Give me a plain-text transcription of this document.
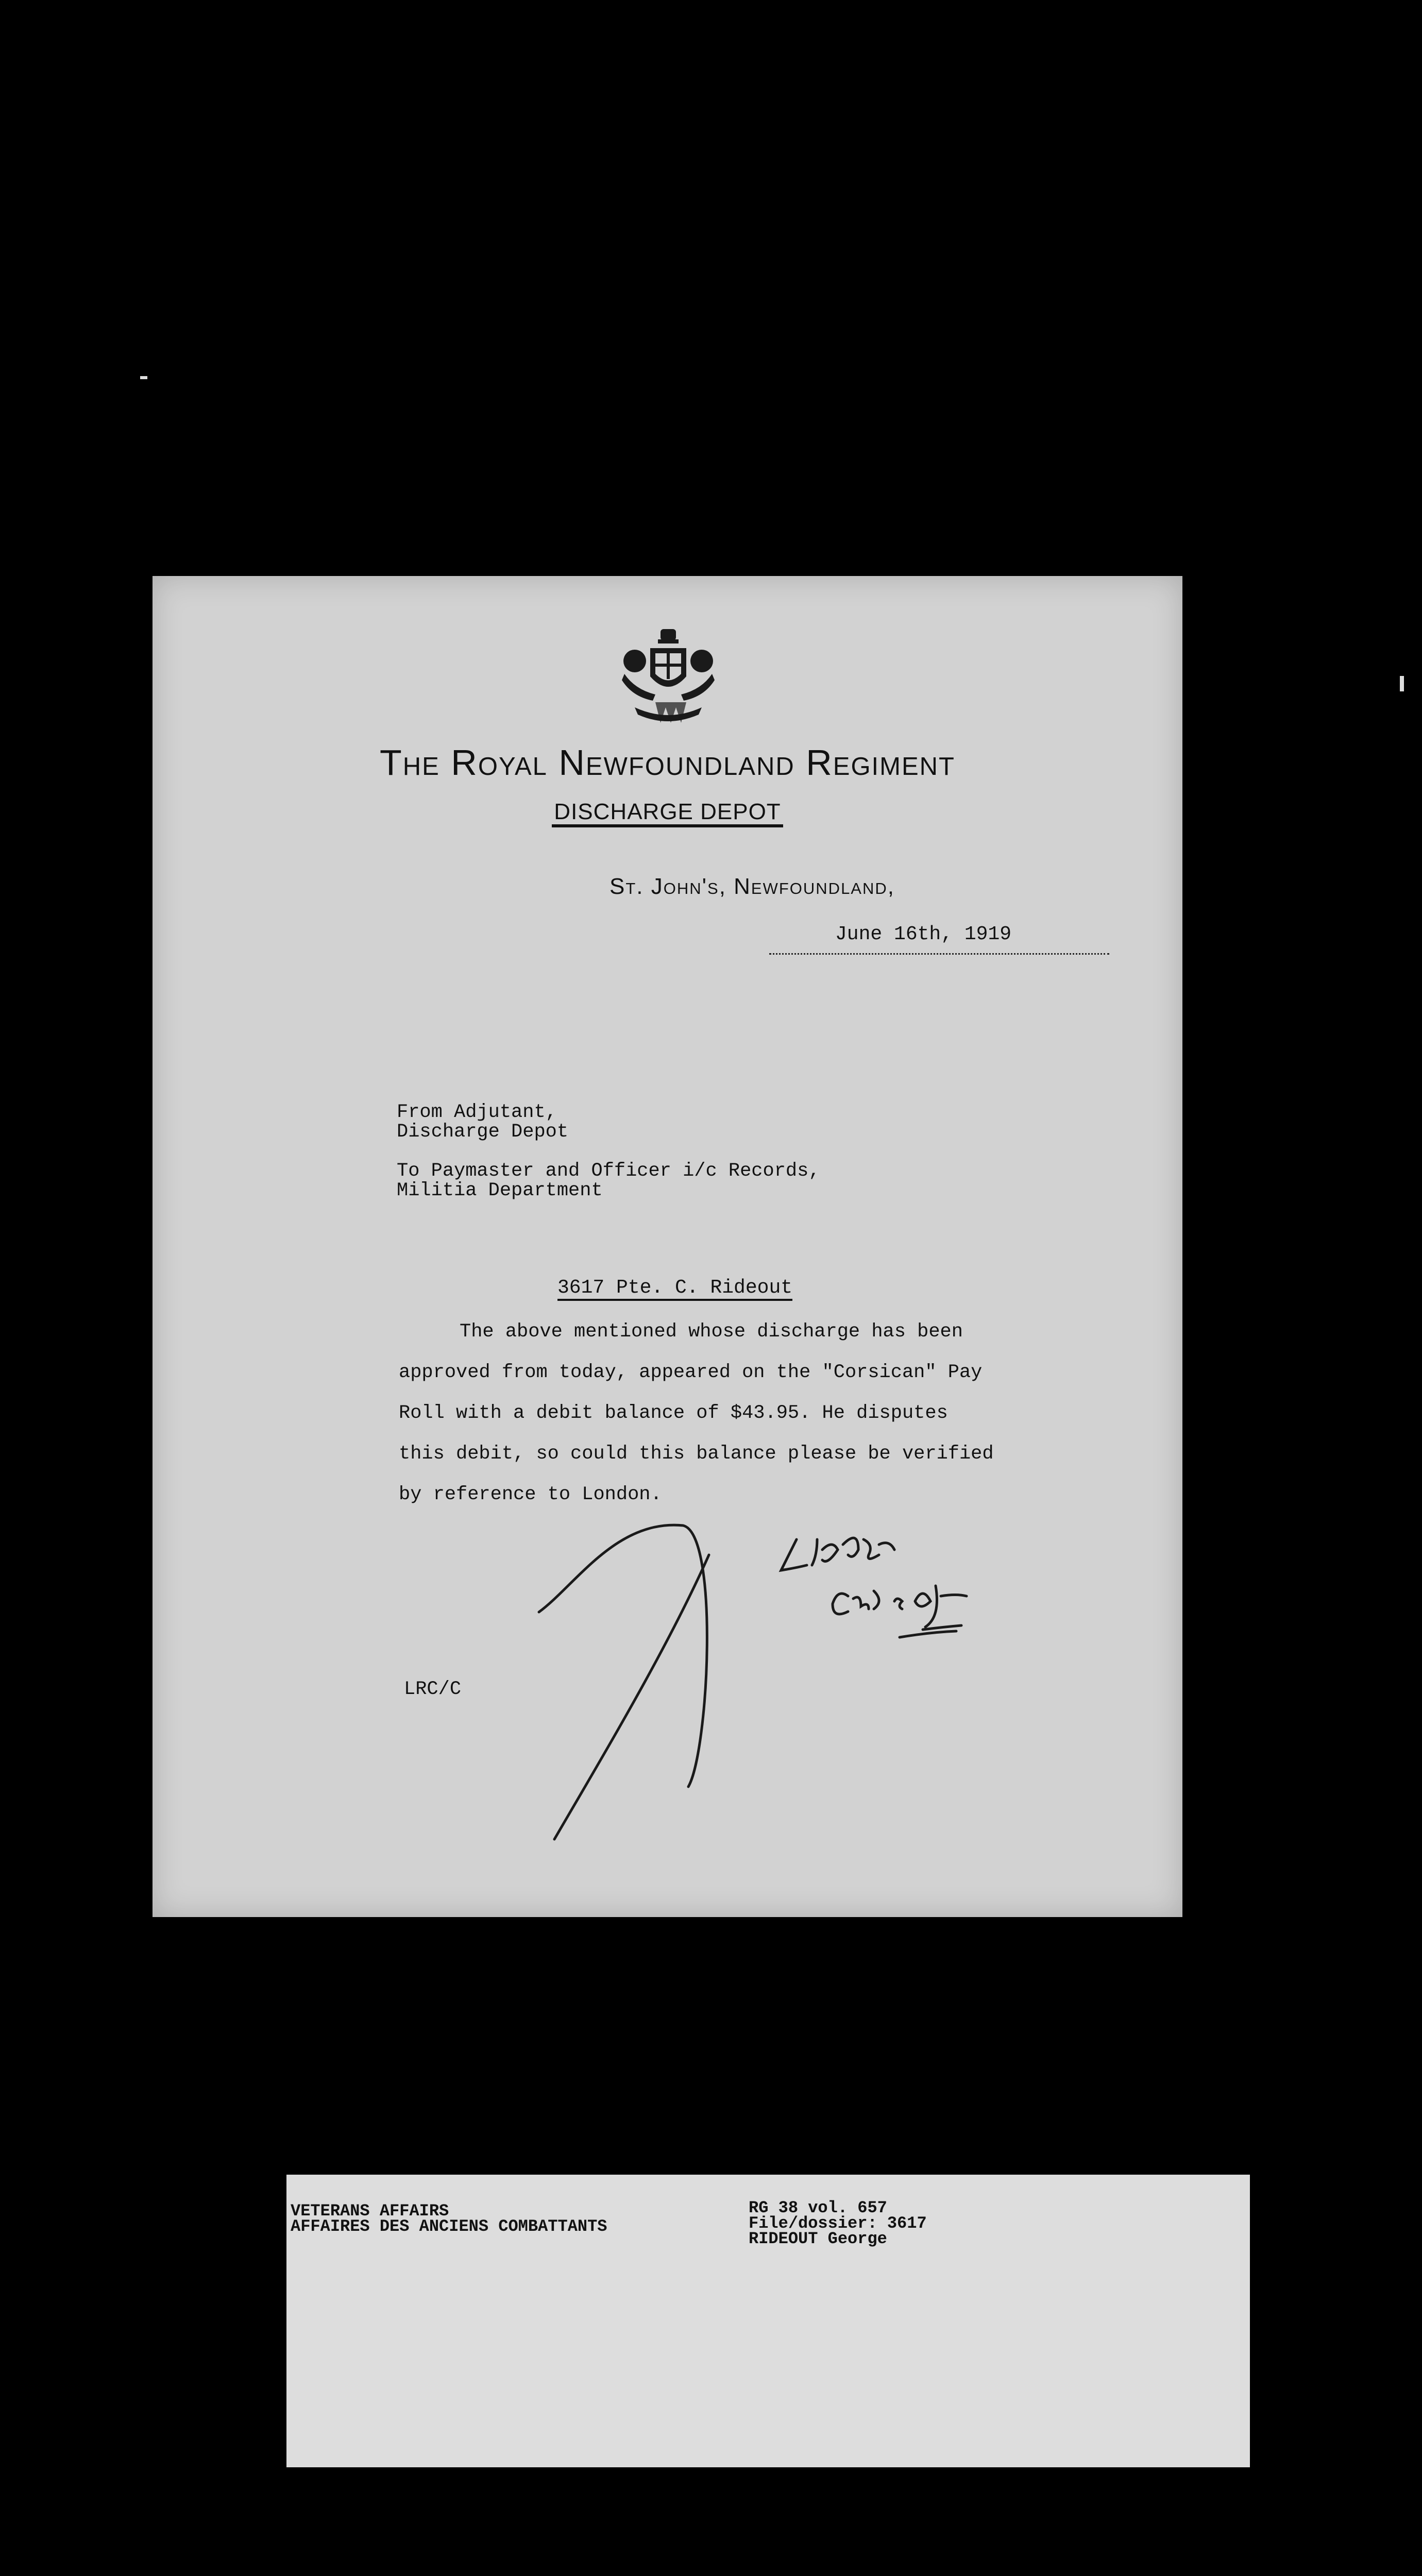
The Royal Newfoundland Regiment
DISCHARGE DEPOT
St. John's, Newfoundland,
June 16th, 1919
From Adjutant,
Discharge Depot
To Paymaster and Officer i/c Records,
Militia Department
3617 Pte. C. Rideout

The above mentioned whose discharge has been

approved from today, appeared on the "Corsican" Pay

Roll with a debit balance of $43.95. He disputes

this debit, so could this balance please be verified

by reference to London.

LRC/C
VETERANS AFFAIRS
AFFAIRES DES ANCIENS COMBATTANTS
RG 38 vol. 657
File/dossier: 3617
RIDEOUT George
